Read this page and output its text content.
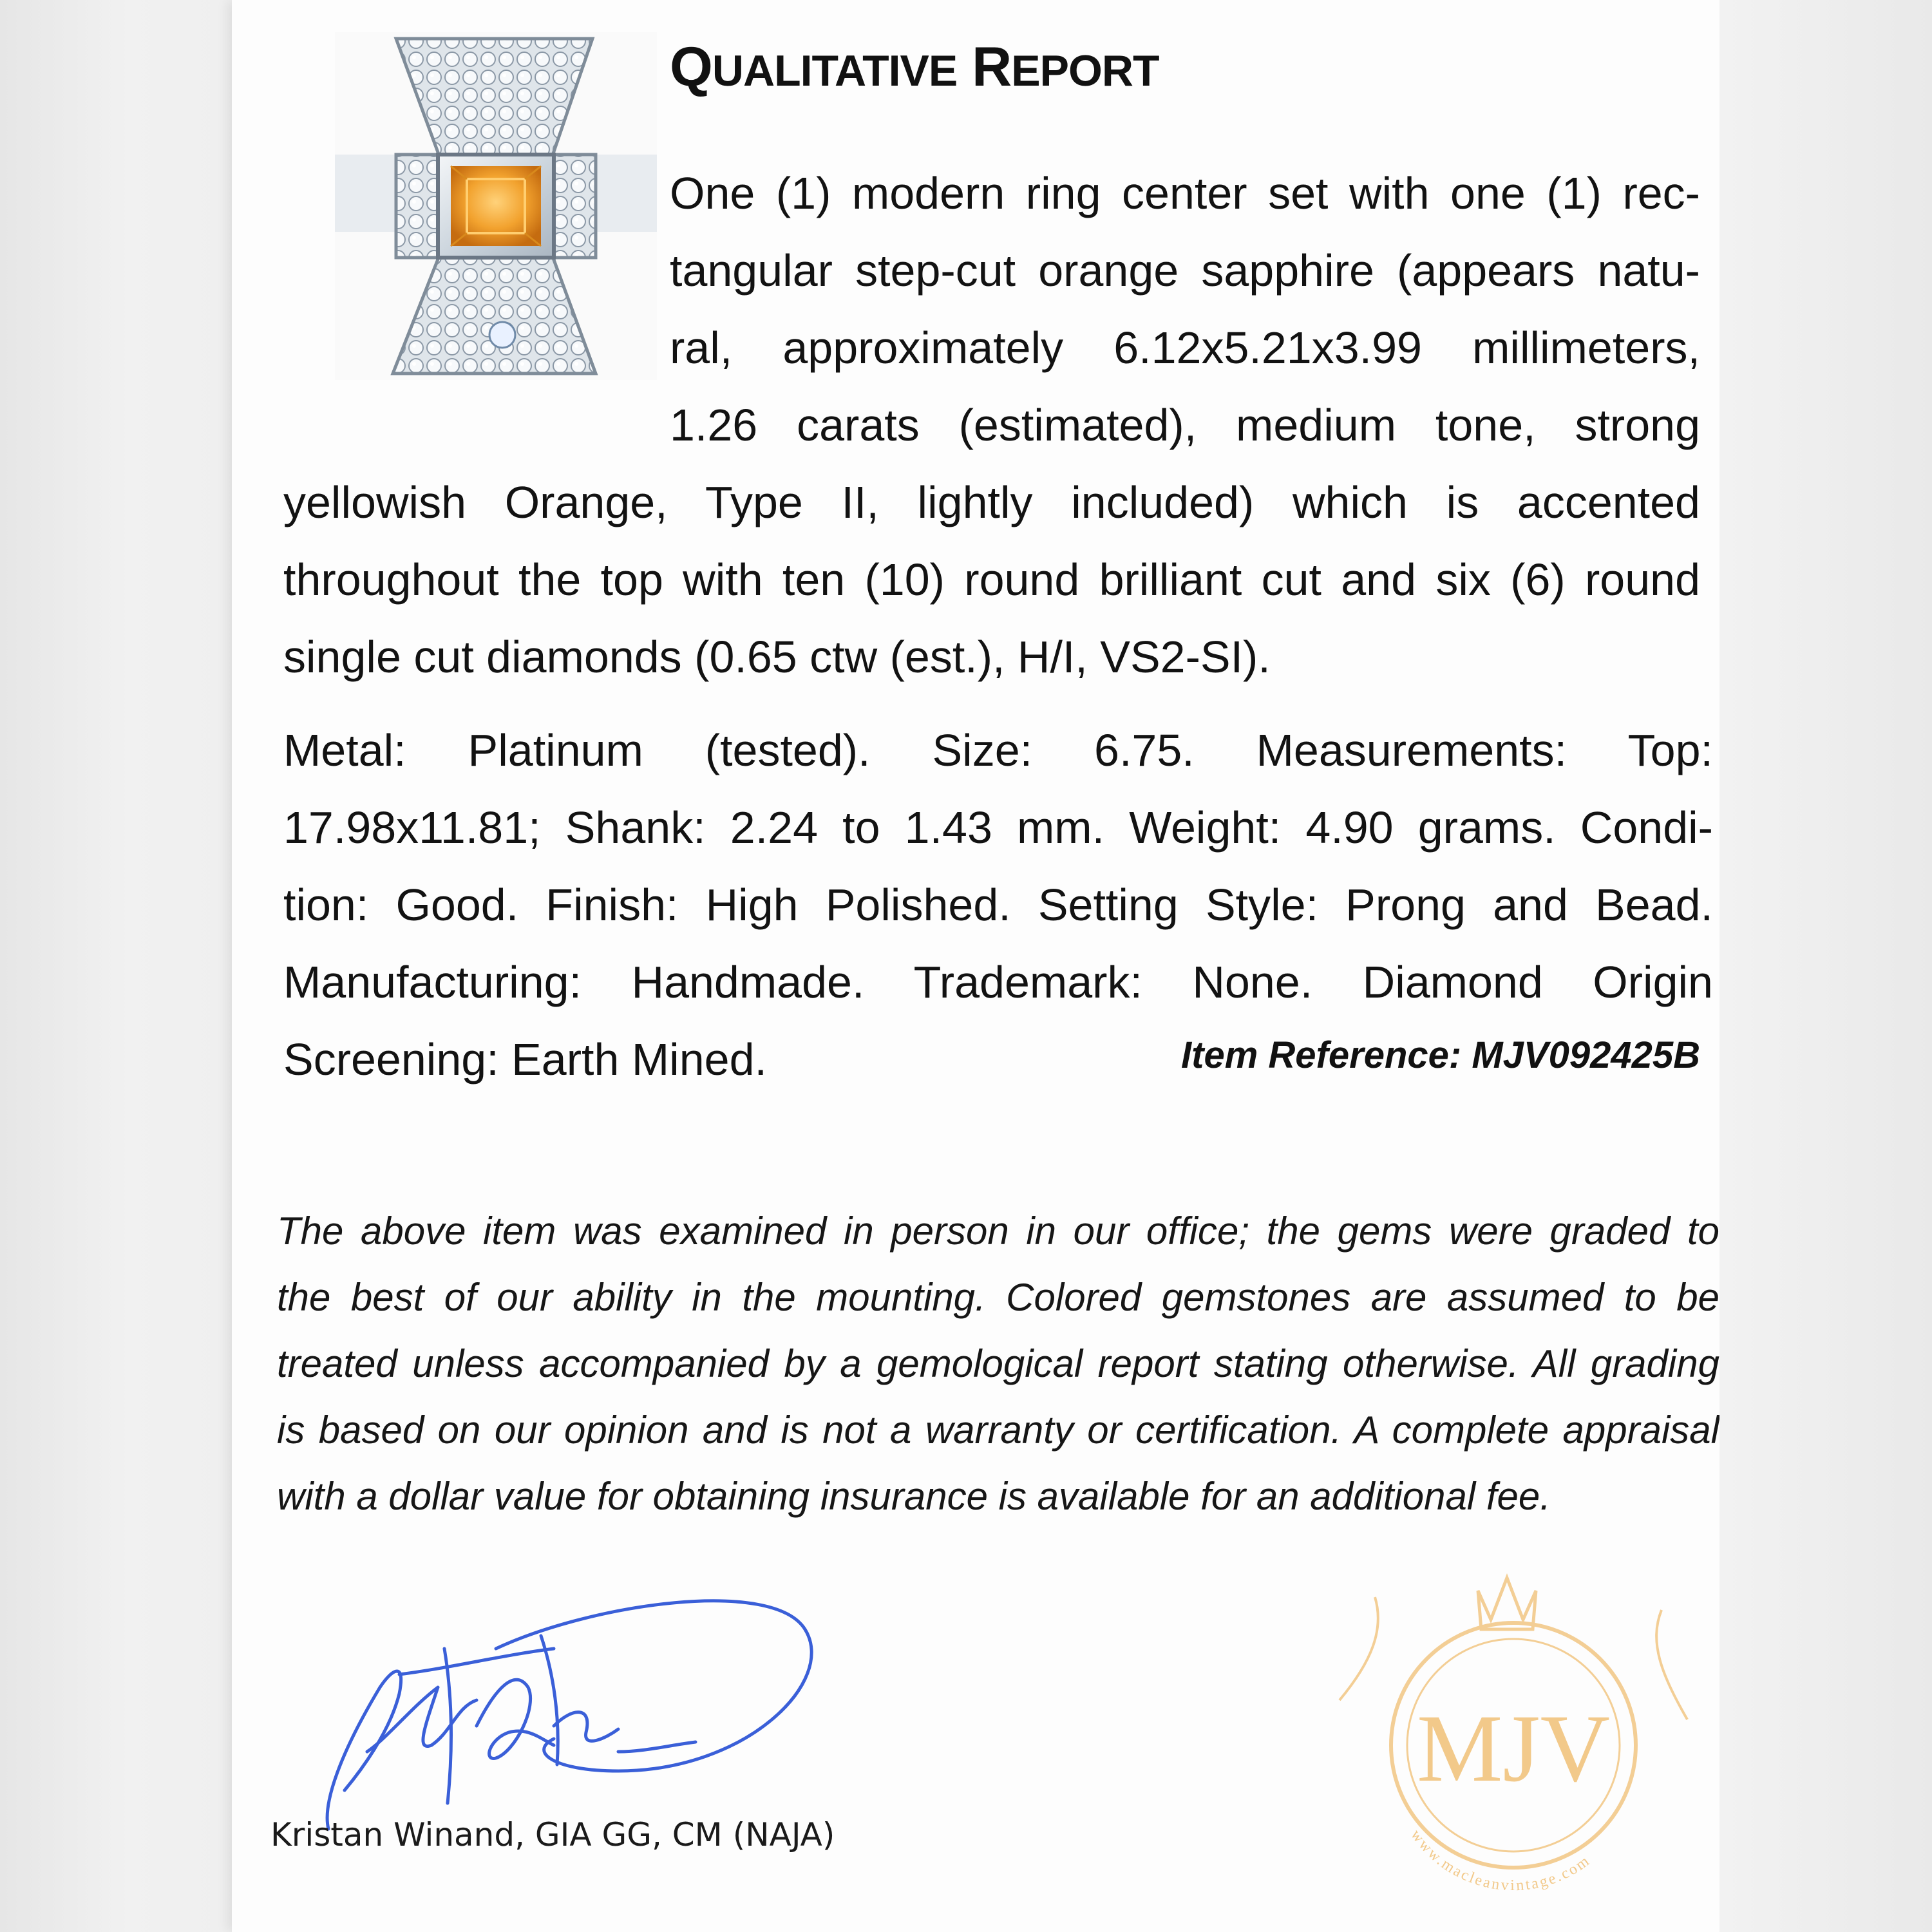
QUALITATIVE REPORT
One (1) modern ring center set with one (1) rec-
tangular step-cut orange sapphire (appears natu-
ral, approximately 6.12x5.21x3.99 millimeters,
1.26 carats (estimated), medium tone, strong
yellowish Orange, Type II, lightly included) which is accented
throughout the top with ten (10) round brilliant cut and six (6) round
single cut diamonds (0.65 ctw (est.), H/I, VS2-SI).
Metal: Platinum (tested). Size: 6.75. Measurements: Top:
17.98x11.81; Shank: 2.24 to 1.43 mm. Weight: 4.90 grams. Condi-
tion: Good. Finish: High Polished. Setting Style: Prong and Bead.
Manufacturing: Handmade. Trademark: None. Diamond Origin
Screening: Earth Mined.	Item Reference: MJV092425B
The above item was examined in person in our office; the gems were graded to
the best of our ability in the mounting. Colored gemstones are assumed to be
treated unless accompanied by a gemological report stating otherwise. All grading
is based on our opinion and is not a warranty or certification. A complete appraisal
with a dollar value for obtaining insurance is available for an additional fee.
Kristan Winand, GIA GG, CM (NAJA)
MJV
www.macleanvintage.com
